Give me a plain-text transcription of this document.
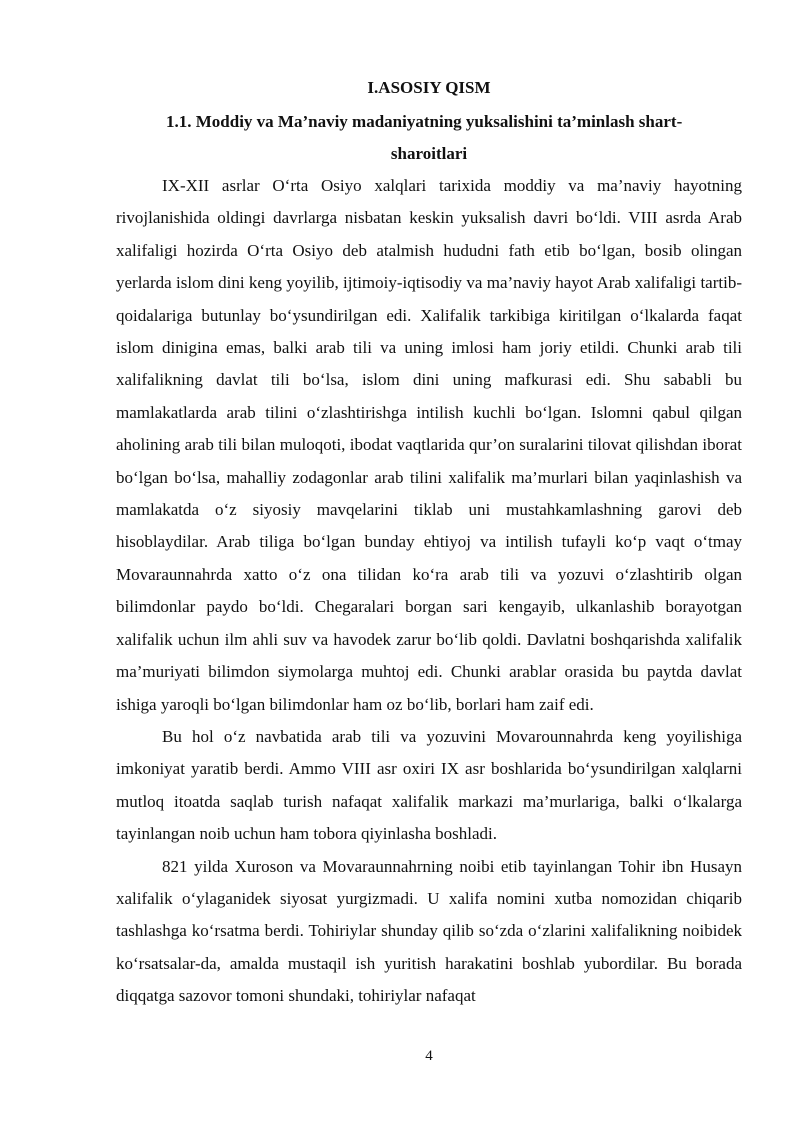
I.ASOSIY QISM
1.1. Moddiy va Ma’naviy madaniyatning yuksalishini ta’minlash shart-
sharoitlari

IX-XII asrlar O‘rta Osiyo xalqlari tarixida moddiy va ma’naviy hayotning rivojlanishida oldingi davrlarga nisbatan keskin yuksalish davri bo‘ldi. VIII asrda Arab xalifaligi hozirda O‘rta Osiyo deb atalmish hududni fath etib bo‘lgan, bosib olingan yerlarda islom dini keng yoyilib, ijtimoiy-iqtisodiy va ma’naviy hayot Arab xalifaligi tartib-qoidalariga butunlay bo‘ysundirilgan edi. Xalifalik tarkibiga kiritilgan o‘lkalarda faqat islom dinigina emas, balki arab tili va uning imlosi ham joriy etildi. Chunki arab tili xalifalikning davlat tili bo‘lsa, islom dini uning mafkurasi edi. Shu sababli bu mamlakatlarda arab tilini o‘zlashtirishga intilish kuchli bo‘lgan. Islomni qabul qilgan aholining arab tili bilan muloqoti, ibodat vaqtlarida qur’on suralarini tilovat qilishdan iborat bo‘lgan bo‘lsa, mahalliy zodagonlar arab tilini xalifalik ma’murlari bilan yaqinlashish va mamlakatda o‘z siyosiy mavqelarini tiklab uni mustahkamlashning garovi deb hisoblaydilar. Arab tiliga bo‘lgan bunday ehtiyoj va intilish tufayli ko‘p vaqt o‘tmay Movaraunnahrda xatto o‘z ona tilidan ko‘ra arab tili va yozuvi o‘zlashtirib olgan bilimdonlar paydo bo‘ldi. Chegaralari borgan sari kengayib, ulkanlashib borayotgan xalifalik uchun ilm ahli suv va havodek zarur bo‘lib qoldi. Davlatni boshqarishda xalifalik ma’muriyati bilimdon siymolarga muhtoj edi. Chunki arablar orasida bu paytda davlat ishiga yaroqli bo‘lgan bilimdonlar ham oz bo‘lib, borlari ham zaif edi.

Bu hol o‘z navbatida arab tili va yozuvini Movarounnahrda keng yoyilishiga imkoniyat yaratib berdi. Ammo VIII asr oxiri IX asr boshlarida bo‘ysundirilgan xalqlarni mutloq itoatda saqlab turish nafaqat xalifalik markazi ma’murlariga, balki o‘lkalarga tayinlangan noib uchun ham tobora qiyinlasha boshladi.

821 yilda Xuroson va Movaraunnahrning noibi etib tayinlangan Tohir ibn Husayn xalifalik o‘ylaganidek siyosat yurgizmadi. U xalifa nomini xutba nomozidan chiqarib tashlashga ko‘rsatma berdi. Tohiriylar shunday qilib so‘zda o‘zlarini xalifalikning noibidek ko‘rsatsalar-da, amalda mustaqil ish yuritish harakatini boshlab yubordilar. Bu borada diqqatga sazovor tomoni shundaki, tohiriylar nafaqat

4
